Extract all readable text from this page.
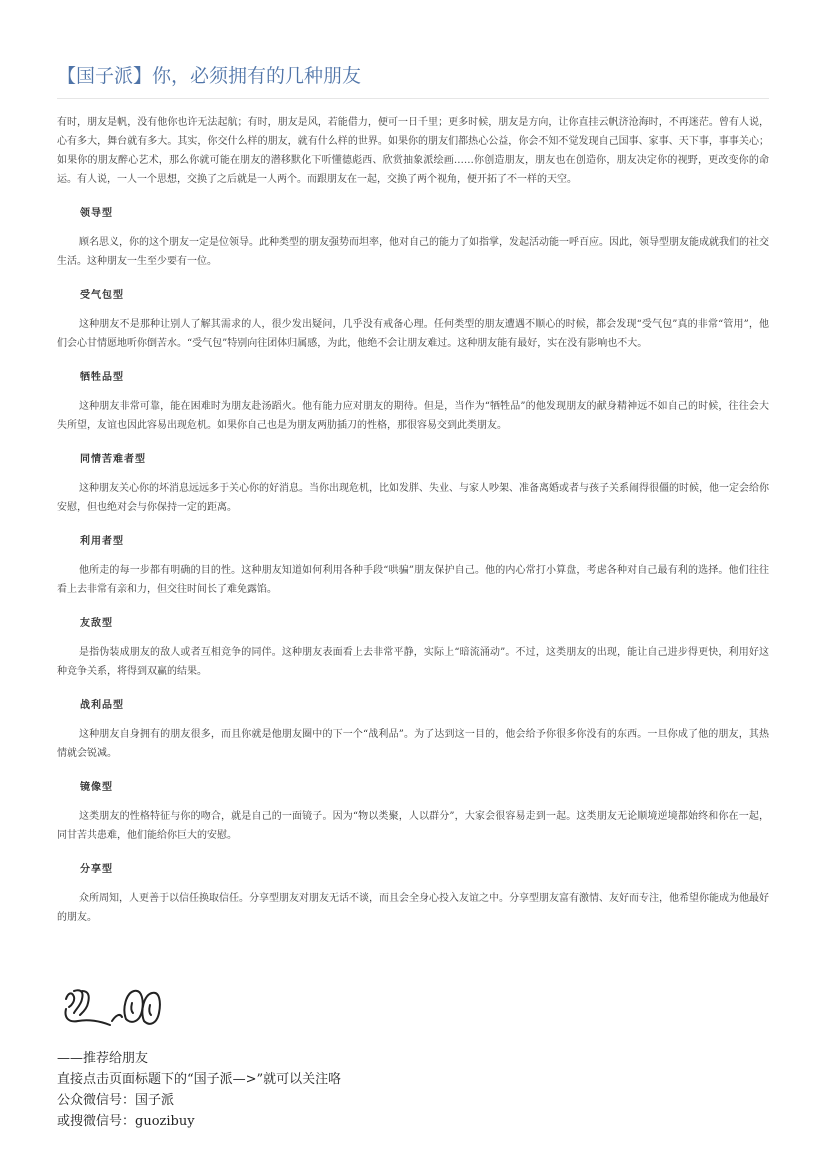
【国子派】你，必须拥有的几种朋友

有时，朋友是帆，没有他你也许无法起航；有时，朋友是风，若能借力，便可一日千里；更多时候，朋友是方向，让你直挂云帆济沧海时，不再迷茫。曾有人说，心有多大，舞台就有多大。其实，你交什么样的朋友，就有什么样的世界。如果你的朋友们都热心公益，你会不知不觉发现自己国事、家事、天下事，事事关心；如果你的朋友醉心艺术，那么你就可能在朋友的潜移默化下听懂德彪西、欣赏抽象派绘画……你创造朋友，朋友也在创造你，朋友决定你的视野，更改变你的命运。有人说，一人一个思想，交换了之后就是一人两个。而跟朋友在一起，交换了两个视角，便开拓了不一样的天空。

领导型

顾名思义，你的这个朋友一定是位领导。此种类型的朋友强势而坦率，他对自己的能力了如指掌，发起活动能一呼百应。因此，领导型朋友能成就我们的社交生活。这种朋友一生至少要有一位。

受气包型

这种朋友不是那种让别人了解其需求的人，很少发出疑问，几乎没有戒备心理。任何类型的朋友遭遇不顺心的时候，都会发现“受气包”真的非常“管用”，他们会心甘情愿地听你倒苦水。“受气包”特别向往团体归属感，为此，他绝不会让朋友难过。这种朋友能有最好，实在没有影响也不大。

牺牲品型

这种朋友非常可靠，能在困难时为朋友赴汤蹈火。他有能力应对朋友的期待。但是，当作为“牺牲品”的他发现朋友的献身精神远不如自己的时候，往往会大失所望，友谊也因此容易出现危机。如果你自己也是为朋友两肋插刀的性格，那很容易交到此类朋友。

同情苦难者型

这种朋友关心你的坏消息远远多于关心你的好消息。当你出现危机，比如发胖、失业、与家人吵架、准备离婚或者与孩子关系闹得很僵的时候，他一定会给你安慰，但也绝对会与你保持一定的距离。

利用者型

他所走的每一步都有明确的目的性。这种朋友知道如何利用各种手段“哄骗”朋友保护自己。他的内心常打小算盘，考虑各种对自己最有利的选择。他们往往看上去非常有亲和力，但交往时间长了难免露馅。

友敌型

是指伪装成朋友的敌人或者互相竞争的同伴。这种朋友表面看上去非常平静，实际上“暗流涌动”。不过，这类朋友的出现，能让自己进步得更快，利用好这种竞争关系，将得到双赢的结果。

战利品型

这种朋友自身拥有的朋友很多，而且你就是他朋友圈中的下一个“战利品”。为了达到这一目的，他会给予你很多你没有的东西。一旦你成了他的朋友，其热情就会锐减。

镜像型

这类朋友的性格特征与你的吻合，就是自己的一面镜子。因为“物以类聚，人以群分”，大家会很容易走到一起。这类朋友无论顺境逆境都始终和你在一起，同甘苦共患难，他们能给你巨大的安慰。

分享型

众所周知，人更善于以信任换取信任。分享型朋友对朋友无话不谈，而且会全身心投入友谊之中。分享型朋友富有激情、友好而专注，他希望你能成为他最好的朋友。

——推荐给朋友
直接点击页面标题下的“国子派—>”就可以关注咯
公众微信号：国子派
或搜微信号：guozibuy
